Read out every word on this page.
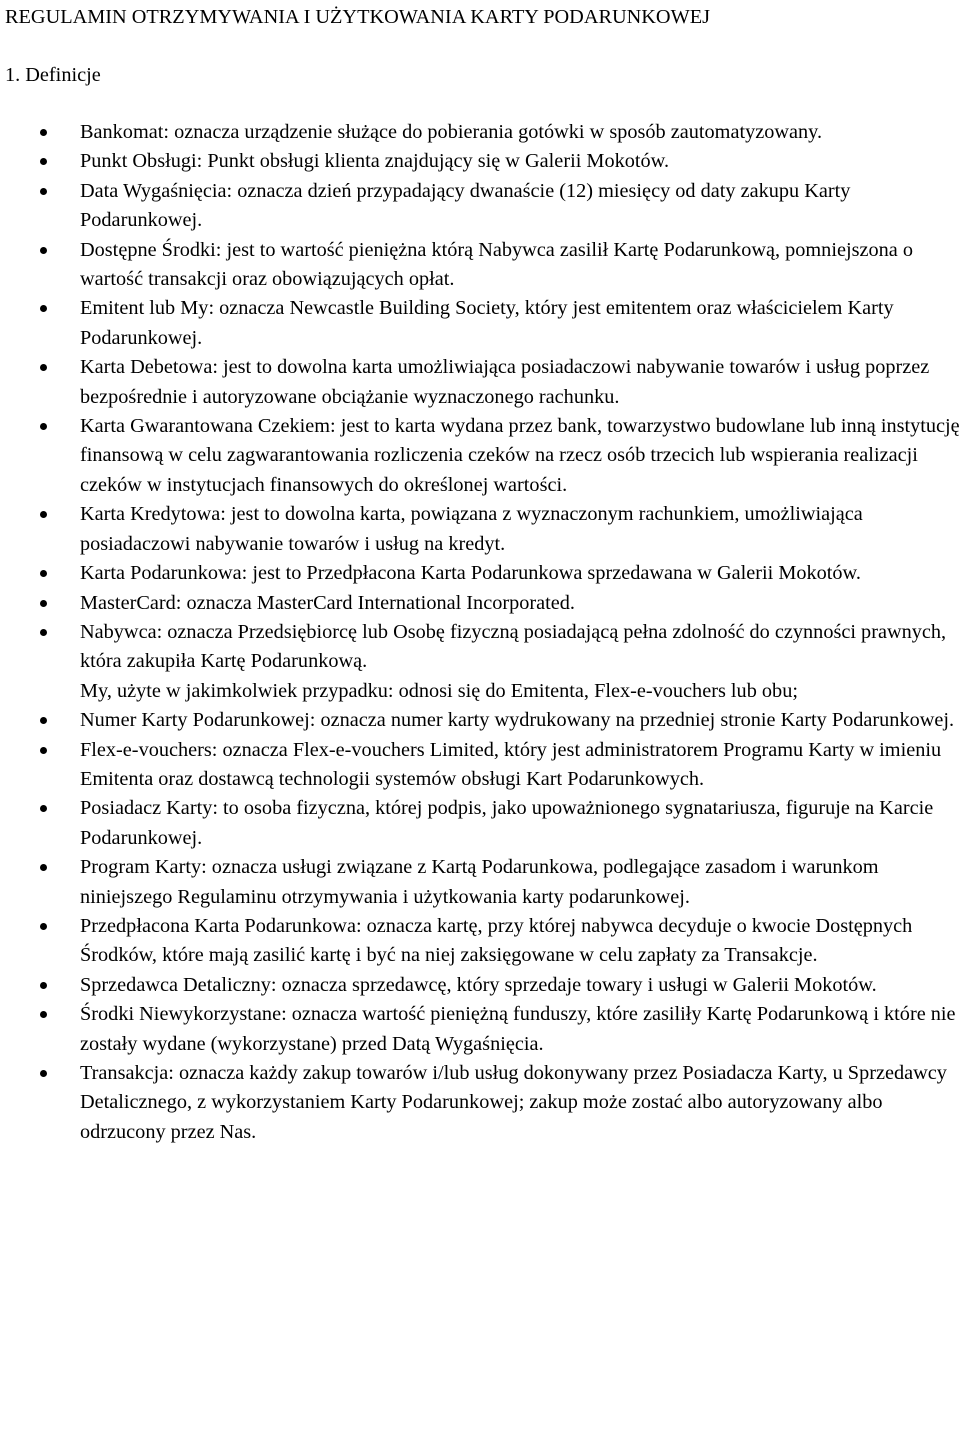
REGULAMIN OTRZYMYWANIA I UŻYTKOWANIA KARTY PODARUNKOWEJ
1. Definicje
Bankomat: oznacza urządzenie służące do pobierania gotówki w sposób zautomatyzowany.
Punkt Obsługi: Punkt obsługi klienta znajdujący się w Galerii Mokotów.
Data Wygaśnięcia: oznacza dzień przypadający dwanaście (12) miesięcy od daty zakupu Karty Podarunkowej.
Dostępne Środki: jest to wartość pieniężna którą Nabywca zasilił Kartę Podarunkową, pomniejszona o wartość transakcji oraz obowiązujących opłat.
Emitent lub My: oznacza Newcastle Building Society, który jest emitentem oraz właścicielem Karty Podarunkowej.
Karta Debetowa: jest to dowolna karta umożliwiająca posiadaczowi nabywanie towarów i usług poprzez bezpośrednie i autoryzowane obciążanie wyznaczonego rachunku.
Karta Gwarantowana Czekiem: jest to karta wydana przez bank, towarzystwo budowlane lub inną instytucję finansową w celu zagwarantowania rozliczenia czeków na rzecz osób trzecich lub wspierania realizacji czeków w instytucjach finansowych do określonej wartości.
Karta Kredytowa: jest to dowolna karta, powiązana z wyznaczonym rachunkiem, umożliwiająca posiadaczowi nabywanie towarów i usług na kredyt.
Karta Podarunkowa: jest to Przedpłacona Karta Podarunkowa sprzedawana w Galerii Mokotów.
MasterCard: oznacza MasterCard International Incorporated.
Nabywca: oznacza Przedsiębiorcę lub Osobę fizyczną posiadającą pełna zdolność do czynności prawnych, która zakupiła Kartę Podarunkową.
My, użyte w jakimkolwiek przypadku: odnosi się do Emitenta, Flex-e-vouchers lub obu;
Numer Karty Podarunkowej: oznacza numer karty wydrukowany na przedniej stronie Karty Podarunkowej.
Flex-e-vouchers: oznacza Flex-e-vouchers Limited, który jest administratorem Programu Karty w imieniu Emitenta oraz dostawcą technologii systemów obsługi Kart Podarunkowych.
Posiadacz Karty: to osoba fizyczna, której podpis, jako upoważnionego sygnatariusza, figuruje na Karcie Podarunkowej.
Program Karty: oznacza usługi związane z Kartą Podarunkowa, podlegające zasadom i warunkom niniejszego Regulaminu otrzymywania i użytkowania karty podarunkowej.
Przedpłacona Karta Podarunkowa: oznacza kartę, przy której nabywca decyduje o kwocie Dostępnych Środków, które mają zasilić kartę i być na niej zaksięgowane w celu zapłaty za Transakcje.
Sprzedawca Detaliczny: oznacza sprzedawcę, który sprzedaje towary i usługi w Galerii Mokotów.
Środki Niewykorzystane: oznacza wartość pieniężną funduszy, które zasiliły Kartę Podarunkową i które nie zostały wydane (wykorzystane) przed Datą Wygaśnięcia.
Transakcja: oznacza każdy zakup towarów i/lub usług dokonywany przez Posiadacza Karty, u Sprzedawcy Detalicznego, z wykorzystaniem Karty Podarunkowej; zakup może zostać albo autoryzowany albo odrzucony przez Nas.
